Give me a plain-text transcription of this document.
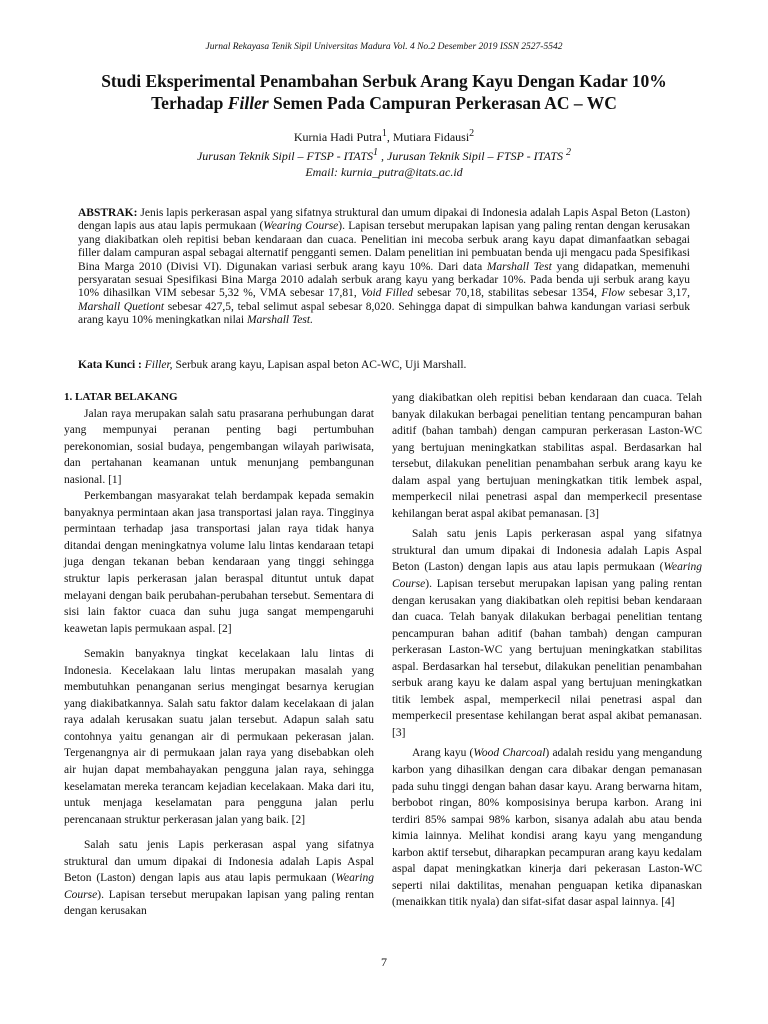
Jurnal Rekayasa Tenik Sipil Universitas Madura Vol. 4 No.2 Desember 2019 ISSN 2527-5542
Studi Eksperimental Penambahan Serbuk Arang Kayu Dengan Kadar 10%
Terhadap Filler Semen Pada Campuran Perkerasan AC – WC
Kurnia Hadi Putra$^1$, Mutiara Fidausi$^2$
Jurusan Teknik Sipil – FTSP - ITATS$^1$ , Jurusan Teknik Sipil – FTSP - ITATS $^2$
Email: kurnia_putra@itats.ac.id
ABSTRAK: Jenis lapis perkerasan aspal yang sifatnya struktural dan umum dipakai di Indonesia adalah Lapis Aspal Beton (Laston) dengan lapis aus atau lapis permukaan (Wearing Course). Lapisan tersebut merupakan lapisan yang paling rentan dengan kerusakan yang diakibatkan oleh repitisi beban kendaraan dan cuaca. Penelitian ini mecoba serbuk arang kayu dapat dimanfaatkan sebagai filler dalam campuran aspal sebagai alternatif pengganti semen. Dalam penelitian ini pembuatan benda uji mengacu pada Spesifikasi Bina Marga 2010 (Divisi VI). Digunakan variasi serbuk arang kayu 10%. Dari data Marshall Test yang didapatkan, memenuhi persyaratan sesuai Spesifikasi Bina Marga 2010 adalah serbuk arang kayu yang berkadar 10%. Pada benda uji serbuk arang kayu 10% dihasilkan VIM sebesar 5,32 %, VMA sebesar 17,81, Void Filled sebesar 70,18, stabilitas sebesar 1354, Flow sebesar 3,17, Marshall Quetiont sebesar 427,5, tebal selimut aspal sebesar 8,020. Sehingga dapat di simpulkan bahwa kandungan variasi serbuk arang kayu 10% meningkatkan nilai Marshall Test.
Kata Kunci : Filler, Serbuk arang kayu, Lapisan aspal beton AC-WC, Uji Marshall.
1. LATAR BELAKANG

Jalan raya merupakan salah satu prasarana perhubungan darat yang mempunyai peranan penting bagi pertumbuhan perekonomian, sosial budaya, pengembangan wilayah pariwisata, dan pertahanan keamanan untuk menunjang pembangunan nasional. [1]

Perkembangan masyarakat telah berdampak kepada semakin banyaknya permintaan akan jasa transportasi jalan raya. Tingginya permintaan terhadap jasa transportasi jalan raya tidak hanya ditandai dengan meningkatnya volume lalu lintas kendaraan tetapi juga dengan tekanan beban kendaraan yang tinggi sehingga struktur lapis perkerasan jalan beraspal dituntut untuk dapat melayani dengan baik perubahan-perubahan tersebut. Sementara di sisi lain faktor cuaca dan suhu juga sangat mempengaruhi keawetan lapis permukaan aspal. [2]

Semakin banyaknya tingkat kecelakaan lalu lintas di Indonesia. Kecelakaan lalu lintas merupakan masalah yang membutuhkan penanganan serius mengingat besarnya kerugian yang diakibatkannya. Salah satu faktor dalam kecelakaan di jalan raya adalah kerusakan suatu jalan tersebut. Adapun salah satu contohnya yaitu genangan air di permukaan pekerasan jalan. Tergenangnya air di permukaan jalan raya yang disebabkan oleh air hujan dapat membahayakan pengguna jalan raya, sehingga keselamatan mereka terancam kejadian kecelakaan. Maka dari itu, untuk menjaga keselamatan para pengguna jalan perlu perencanaan struktur perkerasan jalan yang baik. [2]

Salah satu jenis Lapis perkerasan aspal yang sifatnya struktural dan umum dipakai di Indonesia adalah Lapis Aspal Beton (Laston) dengan lapis aus atau lapis permukaan (Wearing Course). Lapisan tersebut merupakan lapisan yang paling rentan dengan kerusakan

yang diakibatkan oleh repitisi beban kendaraan dan cuaca. Telah banyak dilakukan berbagai penelitian tentang pencampuran bahan aditif (bahan tambah) dengan campuran perkerasan Laston-WC yang bertujuan meningkatkan stabilitas aspal. Berdasarkan hal tersebut, dilakukan penelitian penambahan serbuk arang kayu ke dalam aspal yang bertujuan meningkatkan titik lembek aspal, memperkecil nilai penetrasi aspal dan memperkecil presentase kehilangan berat aspal akibat pemanasan. [3]

Salah satu jenis Lapis perkerasan aspal yang sifatnya struktural dan umum dipakai di Indonesia adalah Lapis Aspal Beton (Laston) dengan lapis aus atau lapis permukaan (Wearing Course). Lapisan tersebut merupakan lapisan yang paling rentan dengan kerusakan yang diakibatkan oleh repitisi beban kendaraan dan cuaca. Telah banyak dilakukan berbagai penelitian tentang pencampuran bahan aditif (bahan tambah) dengan campuran perkerasan Laston-WC yang bertujuan meningkatkan stabilitas aspal. Berdasarkan hal tersebut, dilakukan penelitian penambahan serbuk arang kayu ke dalam aspal yang bertujuan meningkatkan titik lembek aspal, memperkecil nilai penetrasi aspal dan memperkecil presentase kehilangan berat aspal akibat pemanasan. [3]

Arang kayu (Wood Charcoal) adalah residu yang mengandung karbon yang dihasilkan dengan cara dibakar dengan pemanasan pada suhu tinggi dengan bahan dasar kayu. Arang berwarna hitam, berbobot ringan, 80% komposisinya berupa karbon. Arang ini terdiri 85% sampai 98% karbon, sisanya adalah abu atau benda kimia lainnya. Melihat kondisi arang kayu yang mengandung karbon aktif tersebut, diharapkan pecampuran arang kayu kedalam aspal dapat meningkatkan kinerja dari pekerasan Laston-WC seperti nilai daktilitas, menahan penguapan ketika dipanaskan (menaikkan titik nyala) dan sifat-sifat dasar aspal lainnya. [4]

7
